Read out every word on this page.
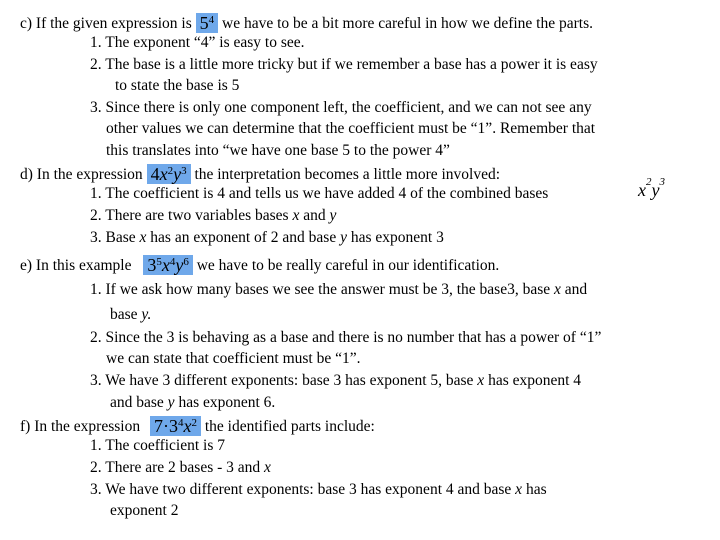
c) If the given expression is $5^4$ we have to be a bit more careful in how we define the parts.
1. The exponent “4” is easy to see.
2. The base is a little more tricky but if we remember a base has a power it is easy
to state the base is 5
3. Since there is only one component left, the coefficient, and we can not see any
other values we can determine that the coefficient must be “1”. Remember that
this translates into “we have one base 5 to the power 4”
d) In the expression $4x^2y^3$ the interpretation becomes a little more involved:
1. The coefficient is 4 and tells us we have added 4 of the combined bases	$x^2y^3$
2. There are two variables bases x and y
3. Base x has an exponent of 2 and base y has exponent 3
e) In this example $3^5x^4y^6$ we have to be really careful in our identification.
1. If we ask how many bases we see the answer must be 3, the base3, base x and
base y.
2. Since the 3 is behaving as a base and there is no number that has a power of “1”
we can state that coefficient must be “1”.
3. We have 3 different exponents: base 3 has exponent 5, base x has exponent 4
and base y has exponent 6.
f) In the expression $7\cdot 3^4x^2$ the identified parts include:
1. The coefficient is 7
2. There are 2 bases - 3 and x
3. We have two different exponents: base 3 has exponent 4 and base x has
exponent 2
